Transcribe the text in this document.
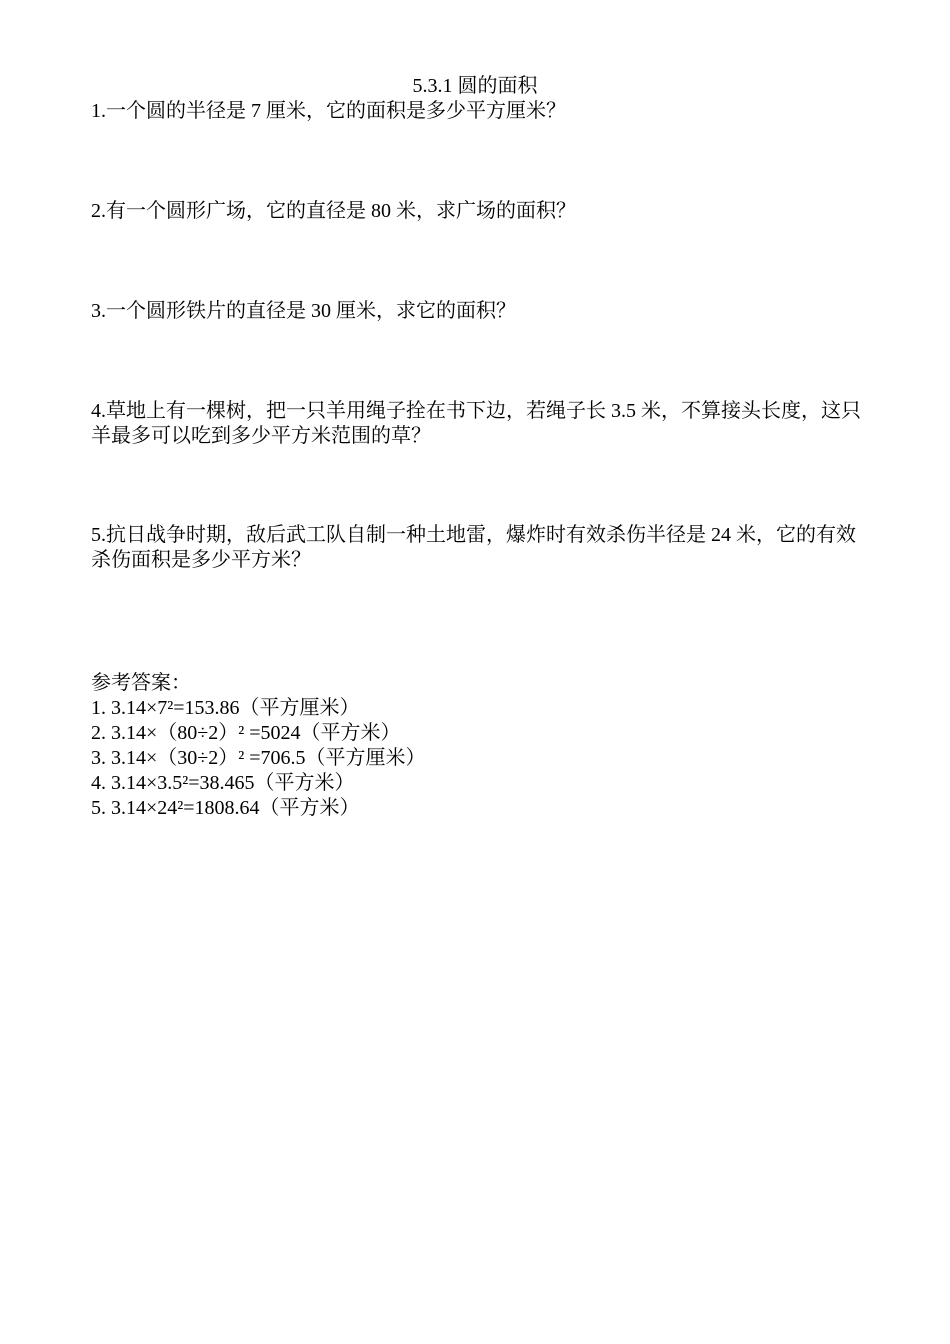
5.3.1 圆的面积

1.一个圆的半径是 7 厘米，它的面积是多少平方厘米？

2.有一个圆形广场，它的直径是 80 米，求广场的面积？

3.一个圆形铁片的直径是 30 厘米，求它的面积？

4.草地上有一棵树，把一只羊用绳子拴在书下边，若绳子长 3.5 米，不算接头长度，这只羊最多可以吃到多少平方米范围的草？

5.抗日战争时期，敌后武工队自制一种土地雷，爆炸时有效杀伤半径是 24 米，它的有效杀伤面积是多少平方米？

参考答案：
1. 3.14×7²=153.86（平方厘米）
2. 3.14×（80÷2）² =5024（平方米）
3. 3.14×（30÷2）² =706.5（平方厘米）
4. 3.14×3.5²=38.465（平方米）
5. 3.14×24²=1808.64（平方米）
